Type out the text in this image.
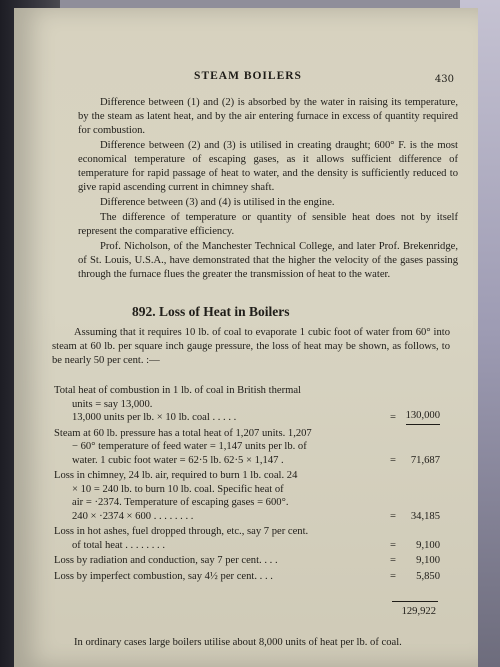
STEAM BOILERS	430

Difference between (1) and (2) is absorbed by the water in raising its temperature, by the steam as latent heat, and by the air entering furnace in excess of quantity required for combustion.

Difference between (2) and (3) is utilised in creating draught; 600° F. is the most economical temperature of escaping gases, as it allows sufficient difference of temperature for rapid passage of heat to water, and the density is sufficiently reduced to give rapid ascending current in chimney shaft.

Difference between (3) and (4) is utilised in the engine.

The difference of temperature or quantity of sensible heat does not by itself represent the comparative efficiency.

Prof. Nicholson, of the Manchester Technical College, and later Prof. Brekenridge, of St. Louis, U.S.A., have demonstrated that the higher the velocity of the gases passing through the furnace flues the greater the transmission of heat to the water.

892. Loss of Heat in Boilers

Assuming that it requires 10 lb. of coal to evaporate 1 cubic foot of water from 60° into steam at 60 lb. per square inch gauge pressure, the loss of heat may be shown, as follows, to be nearly 50 per cent. :—

Total heat of combustion in 1 lb. of coal in British thermal
units = say 13,000.
13,000 units per lb. × 10 lb. coal . . . . .	= 130,000
Steam at 60 lb. pressure has a total heat of 1,207 units. 1,207
− 60° temperature of feed water = 1,147 units per lb. of
water. 1 cubic foot water = 62·5 lb. 62·5 × 1,147 .	= 71,687
Loss in chimney, 24 lb. air, required to burn 1 lb. coal. 24
× 10 = 240 lb. to burn 10 lb. coal. Specific heat of
air = ·2374. Temperature of escaping gases = 600°.
240 × ·2374 × 600 . . . . . . . .	= 34,185
Loss in hot ashes, fuel dropped through, etc., say 7 per cent.
of total heat . . . . . . . .	= 9,100
Loss by radiation and conduction, say 7 per cent. . . .	= 9,100
Loss by imperfect combustion, say 4½ per cent. . . .	= 5,850
129,922

In ordinary cases large boilers utilise about 8,000 units of heat per lb. of coal.
